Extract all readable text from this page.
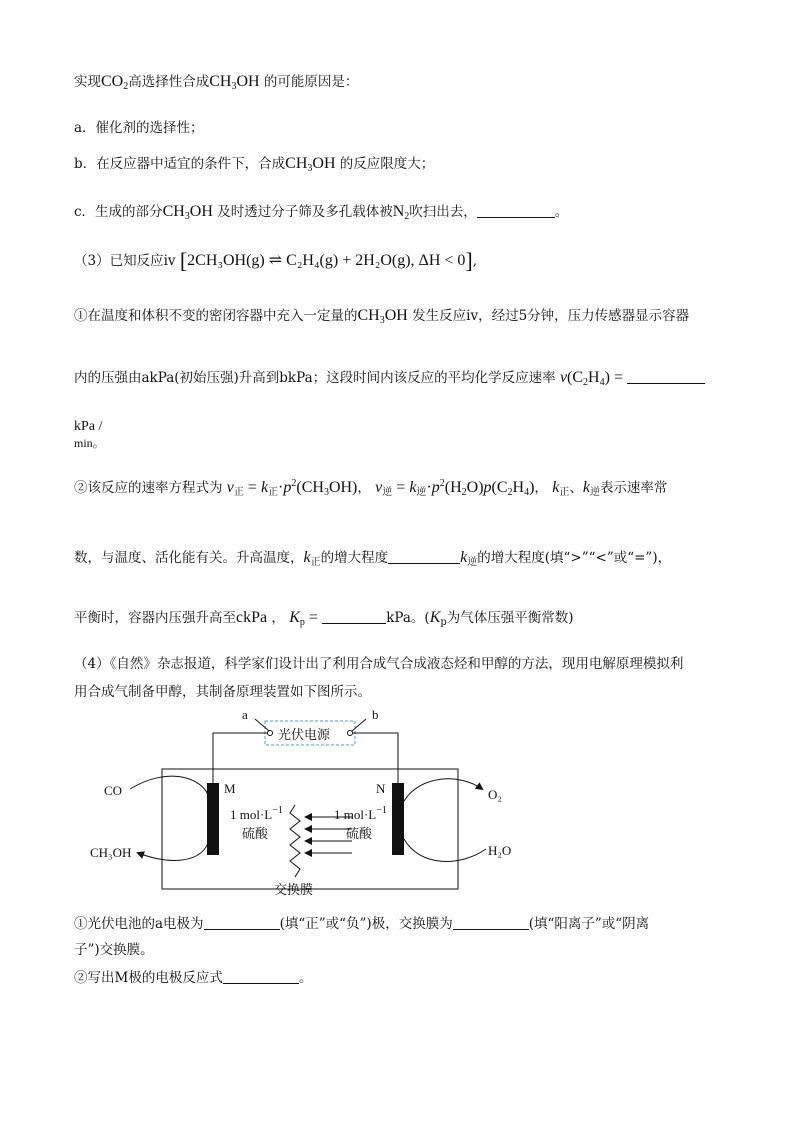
实现$CO_2$高选择性合成$CH_3OH$ 的可能原因是：
a．催化剂的选择性；
b．在反应器中适宜的条件下，合成$CH_3OH$ 的反应限度大；
c．生成的部分$CH_3OH$ 及时透过分子筛及多孔载体被$N_2$吹扫出去，	。
（3）已知反应iv [2CH₃OH(g) ⇌ C₂H₄(g) + 2H₂O(g), ΔH < 0],
①在温度和体积不变的密闭容器中充入一定量的$CH_3OH$ 发生反应iv，经过5分钟，压力传感器显示容器
内的压强由akPa(初始压强)升高到bkPa；这段时间内该反应的平均化学反应速率 $v(C_2H_4)$ =
kPa /
min。
②该反应的速率方程式为 $v_正 = k_正\cdot p^2(CH_3OH)$， $v_逆 = k_逆\cdot p^2(H_2O)p(C_2H_4)$， $k_正$、$k_逆$表示速率常
数，与温度、活化能有关。升高温度，$k_正$的增大程度	$k_逆$的增大程度(填“>”“<”或“=”)，
平衡时，容器内压强升高至ckPa ， $K_p$ =	kPa。($K_p$为气体压强平衡常数)
（4）《自然》杂志报道，科学家们设计出了利用合成气合成液态烃和甲醇的方法，现用电解原理模拟利
用合成气制备甲醇，其制备原理装置如下图所示。
a	b
光伏电源
M	N
1 $mol\cdot L^{-1}$	1 $mol\cdot L^{-1}$
硫酸	硫酸
交换膜
CO
CH₃OH
O₂
H₂O
①光伏电池的a电极为	(填“正”或“负”)极，交换膜为	(填“阳离子”或“阴离
子”)交换膜。
②写出M极的电极反应式	。
